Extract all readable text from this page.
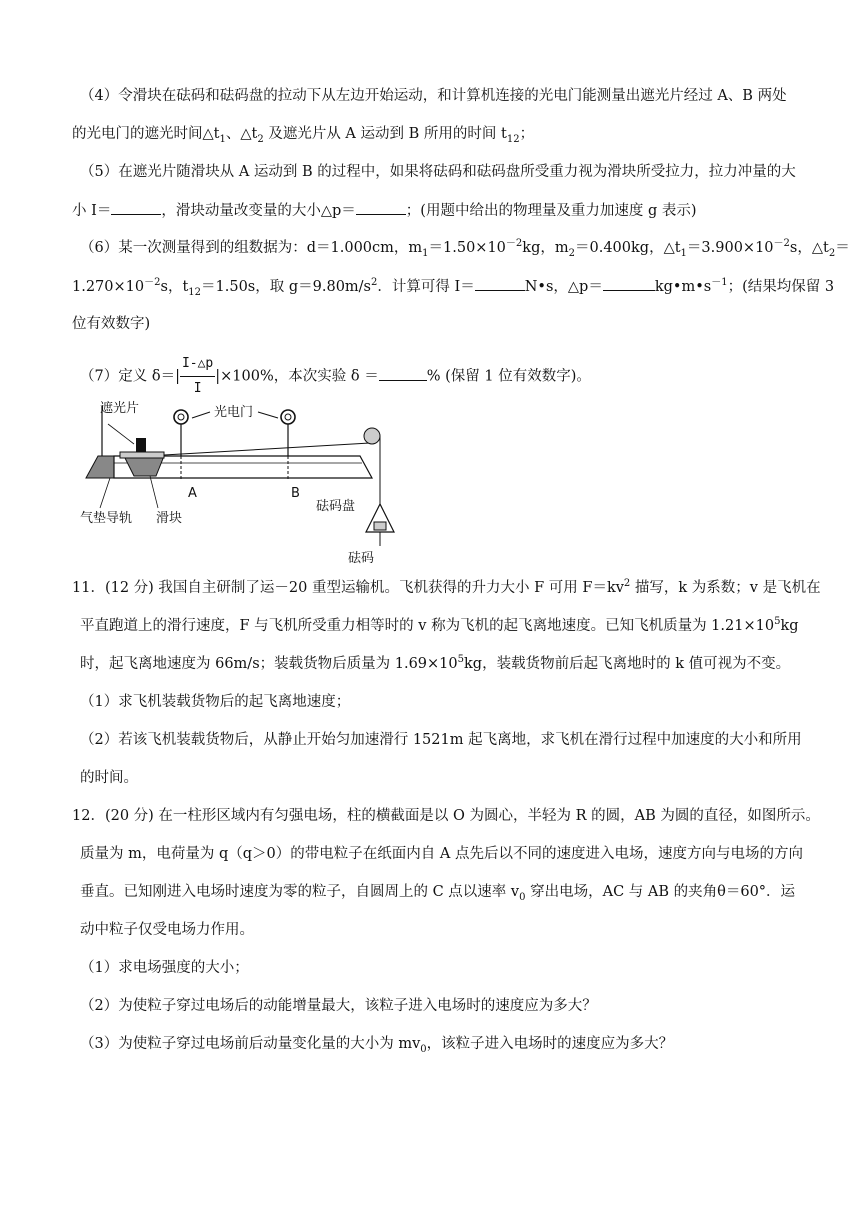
（4）令滑块在砝码和砝码盘的拉动下从左边开始运动，和计算机连接的光电门能测量出遮光片经过 A、B 两处
的光电门的遮光时间$\triangle t_1$、$\triangle t_2$ 及遮光片从 A 运动到 B 所用的时间 $t_{12}$；
（5）在遮光片随滑块从 A 运动到 B 的过程中，如果将砝码和砝码盘所受重力视为滑块所受拉力，拉力冲量的大
小 I＝	，滑块动量改变量的大小△p＝	；(用题中给出的物理量及重力加速度 g 表示)
（6）某一次测量得到的组数据为：d＝1.000cm，$m_1=1.50\times 10^{-2}kg$，$m_2=0.400kg$，$\triangle t_1=3.900\times 10^{-2}s$，$\triangle t_2=$
$1.270\times 10^{-2}s$，$t_{12}=1.50s$，取 $g=9.80m/s^2$．计算可得 I＝	N•s，△p＝	$kg•m•s^{-1}$；(结果均保留 3
位有效数字)
（7）定义 $\delta=| \frac{I-\triangle p}{I} |\times 100\%$，本次实验 δ ＝	% (保留 1 位有效数字)。
遮光片	光电门
A	B
气垫导轨 滑块
砝码盘
砝码
11．(12 分) 我国自主研制了运－20 重型运输机。飞机获得的升力大小 F 可用 $F=kv^2$ 描写，k 为系数；v 是飞机在
平直跑道上的滑行速度，F 与飞机所受重力相等时的 v 称为飞机的起飞离地速度。已知飞机质量为 $1.21\times 10^5kg$
时，起飞离地速度为 66m/s；装载货物后质量为 $1.69\times 10^5kg$，装载货物前后起飞离地时的 k 值可视为不变。
（1）求飞机装载货物后的起飞离地速度；
（2）若该飞机装载货物后，从静止开始匀加速滑行 1521m 起飞离地，求飞机在滑行过程中加速度的大小和所用
的时间。
12．(20 分) 在一柱形区域内有匀强电场，柱的横截面是以 O 为圆心，半轻为 R 的圆，AB 为圆的直径，如图所示。
质量为 m，电荷量为 q（q＞0）的带电粒子在纸面内自 A 点先后以不同的速度进入电场，速度方向与电场的方向
垂直。已知刚进入电场时速度为零的粒子，自圆周上的 C 点以速率 $v_0$ 穿出电场，AC 与 AB 的夹角θ＝60°．运
动中粒子仅受电场力作用。
（1）求电场强度的大小；
（2）为使粒子穿过电场后的动能增量最大，该粒子进入电场时的速度应为多大？
（3）为使粒子穿过电场前后动量变化量的大小为 $mv_0$，该粒子进入电场时的速度应为多大？
